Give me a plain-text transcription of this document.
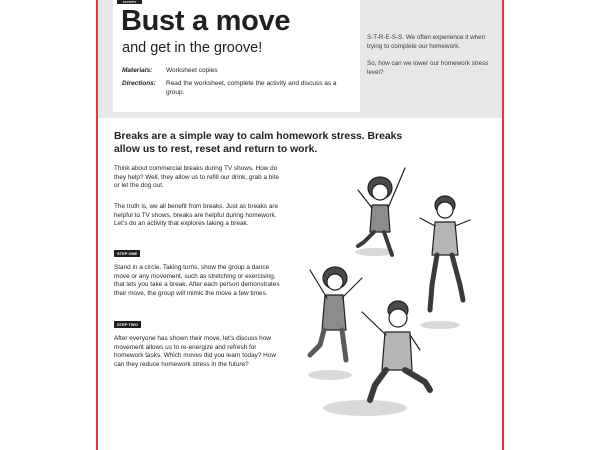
ACTIVITY
Bust a move
and get in the groove!
Materials: Worksheet copies
Directions: Read the worksheet, complete the activity and discuss as a group.
S-T-R-E-S-S. We often experience it when trying to complete our homework.
So, how can we lower our homework stress level?
Breaks are a simple way to calm homework stress. Breaks allow us to rest, reset and return to work.
Think about commercial breaks during TV shows. How do they help? Well, they allow us to refill our drink, grab a bite or let the dog out.
The truth is, we all benefit from breaks. Just as breaks are helpful to TV shows, breaks are helpful during homework. Let’s do an activity that explores taking a break.
STEP ONE
Stand in a circle. Taking turns, show the group a dance move or any movement, such as stretching or exercising, that lets you take a break. After each person demonstrates their move, the group will mimic the move a few times.
STEP TWO
After everyone has shown their move, let’s discuss how movement allows us to re-energize and refresh for homework tasks. Which moves did you learn today? How can they reduce homework stress in the future?
